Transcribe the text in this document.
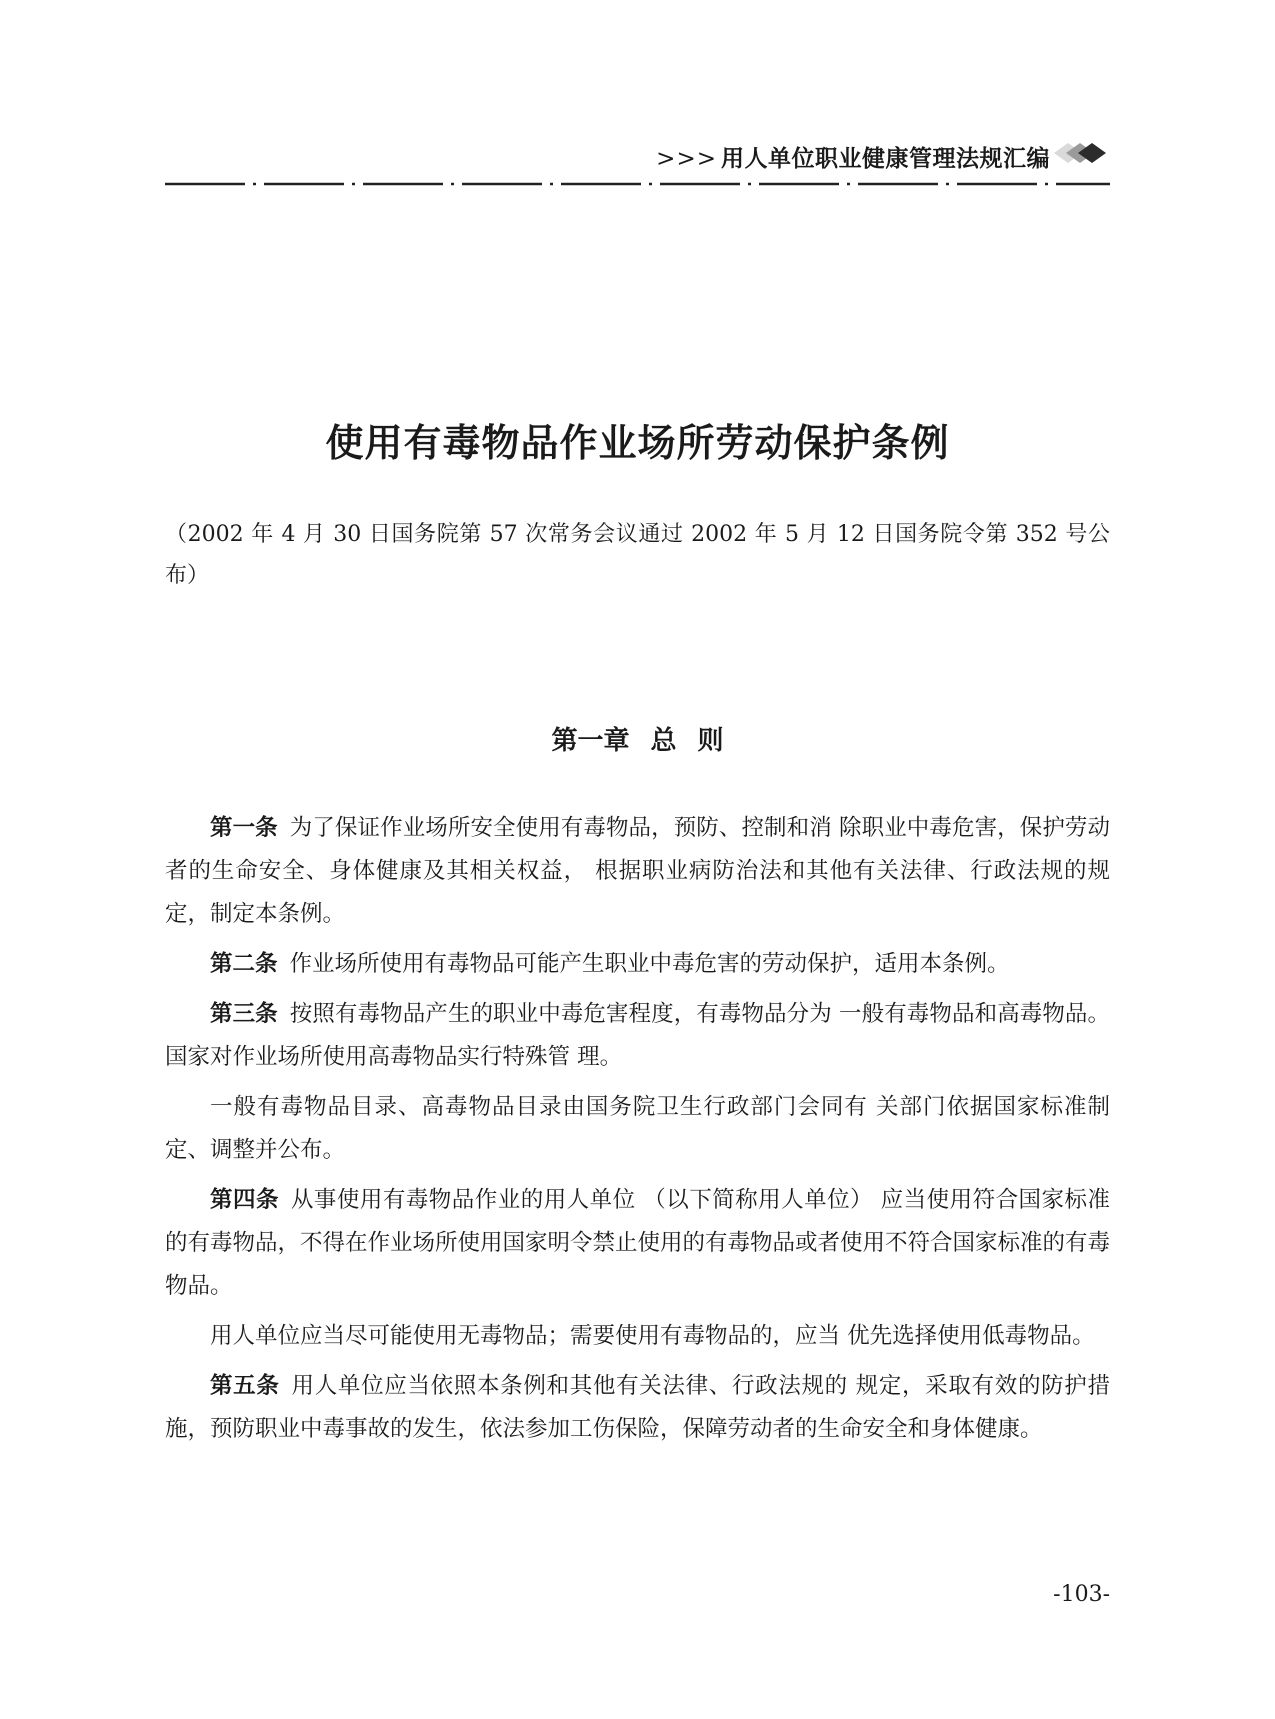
>>> 用人单位职业健康管理法规汇编
使用有毒物品作业场所劳动保护条例
（2002 年 4 月 30 日国务院第 57 次常务会议通过 2002 年 5 月 12 日国务院令第 352 号公布）
第一章 总 则

第一条 为了保证作业场所安全使用有毒物品，预防、控制和消 除职业中毒危害，保护劳动者的生命安全、身体健康及其相关权益， 根据职业病防治法和其他有关法律、行政法规的规定，制定本条例。

第二条 作业场所使用有毒物品可能产生职业中毒危害的劳动保护，适用本条例。

第三条 按照有毒物品产生的职业中毒危害程度，有毒物品分为 一般有毒物品和高毒物品。国家对作业场所使用高毒物品实行特殊管 理。

一般有毒物品目录、高毒物品目录由国务院卫生行政部门会同有 关部门依据国家标准制定、调整并公布。

第四条 从事使用有毒物品作业的用人单位 （以下简称用人单位） 应当使用符合国家标准的有毒物品，不得在作业场所使用国家明令禁止使用的有毒物品或者使用不符合国家标准的有毒物品。

用人单位应当尽可能使用无毒物品；需要使用有毒物品的，应当 优先选择使用低毒物品。

第五条 用人单位应当依照本条例和其他有关法律、行政法规的 规定，采取有效的防护措施，预防职业中毒事故的发生，依法参加工伤保险，保障劳动者的生命安全和身体健康。

-103-
